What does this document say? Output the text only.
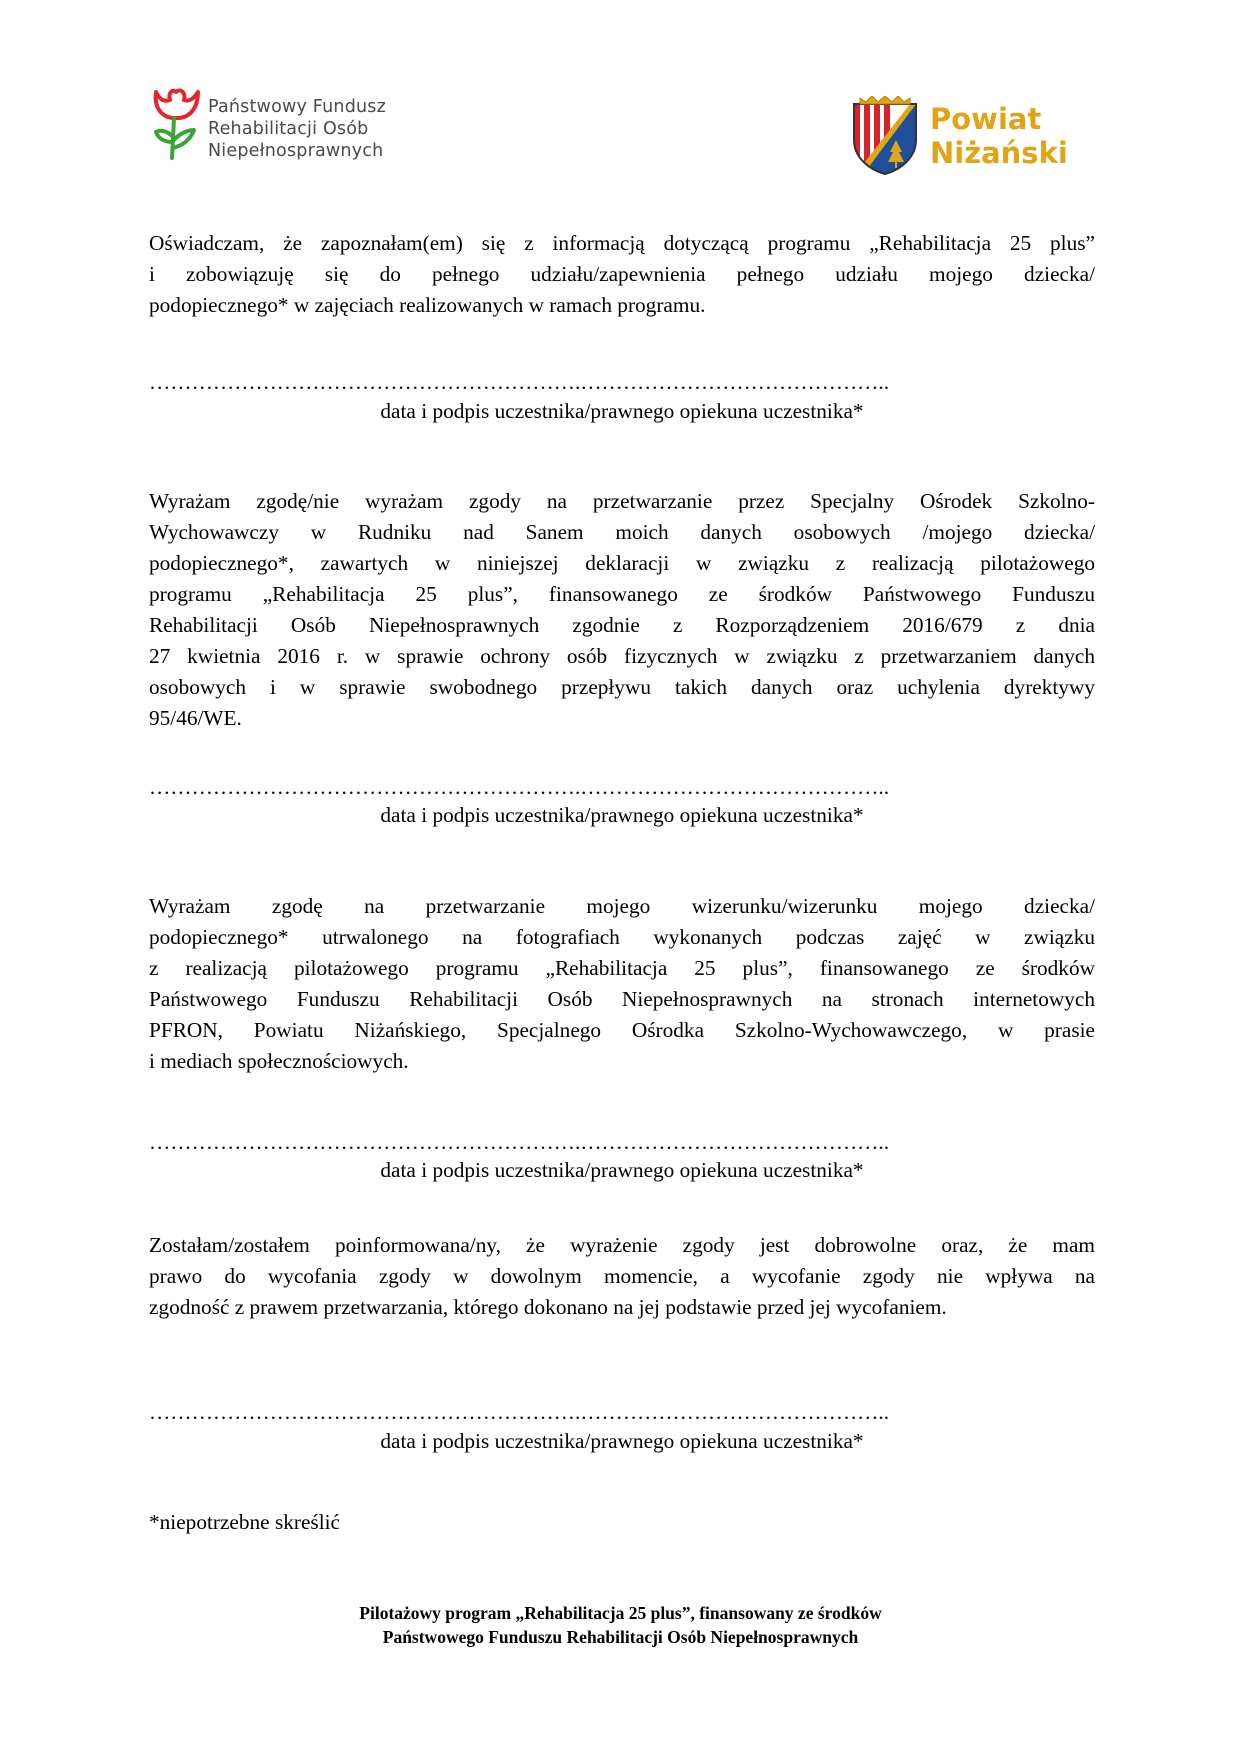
Państwowy Fundusz
Rehabilitacji Osób
Niepełnosprawnych
Powiat
Niżański
Oświadczam, że zapoznałam(em) się z informacją dotyczącą programu „Rehabilitacja 25 plus”
i zobowiązuję się do pełnego udziału/zapewnienia pełnego udziału mojego dziecka/
podopiecznego* w zajęciach realizowanych w ramach programu.
…………………………………………………….……………………………………..
data i podpis uczestnika/prawnego opiekuna uczestnika*
Wyrażam zgodę/nie wyrażam zgody na przetwarzanie przez Specjalny Ośrodek Szkolno-
Wychowawczy w Rudniku nad Sanem moich danych osobowych /mojego dziecka/
podopiecznego*, zawartych w niniejszej deklaracji w związku z realizacją pilotażowego
programu „Rehabilitacja 25 plus”, finansowanego ze środków Państwowego Funduszu
Rehabilitacji Osób Niepełnosprawnych zgodnie z Rozporządzeniem 2016/679 z dnia
27 kwietnia 2016 r. w sprawie ochrony osób fizycznych w związku z przetwarzaniem danych
osobowych i w sprawie swobodnego przepływu takich danych oraz uchylenia dyrektywy
95/46/WE.
…………………………………………………….……………………………………..
data i podpis uczestnika/prawnego opiekuna uczestnika*
Wyrażam zgodę na przetwarzanie mojego wizerunku/wizerunku mojego dziecka/
podopiecznego* utrwalonego na fotografiach wykonanych podczas zajęć w związku
z realizacją pilotażowego programu „Rehabilitacja 25 plus”, finansowanego ze środków
Państwowego Funduszu Rehabilitacji Osób Niepełnosprawnych na stronach internetowych
PFRON, Powiatu Niżańskiego, Specjalnego Ośrodka Szkolno-Wychowawczego, w prasie
i mediach społecznościowych.
…………………………………………………….……………………………………..
data i podpis uczestnika/prawnego opiekuna uczestnika*
Zostałam/zostałem poinformowana/ny, że wyrażenie zgody jest dobrowolne oraz, że mam
prawo do wycofania zgody w dowolnym momencie, a wycofanie zgody nie wpływa na
zgodność z prawem przetwarzania, którego dokonano na jej podstawie przed jej wycofaniem.
…………………………………………………….……………………………………..
data i podpis uczestnika/prawnego opiekuna uczestnika*
*niepotrzebne skreślić
Pilotażowy program „Rehabilitacja 25 plus”, finansowany ze środków
Państwowego Funduszu Rehabilitacji Osób Niepełnosprawnych
